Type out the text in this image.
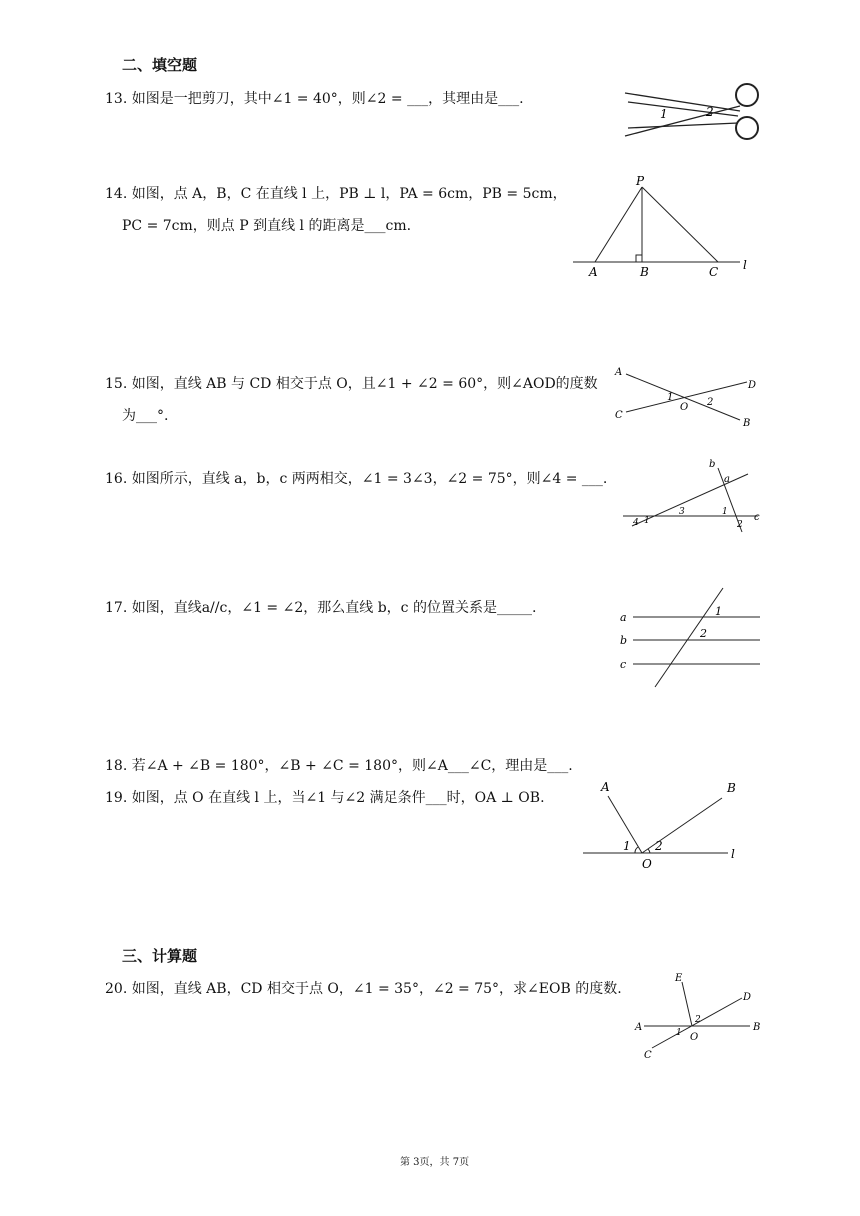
二、填空题
13. 如图是一把剪刀，其中∠1 = 40°，则∠2 = ___，其理由是___.
1	2
14. 如图，点 A，B，C 在直线 l 上，PB ⊥ l，PA = 6cm，PB = 5cm，
PC = 7cm，则点 P 到直线 l 的距离是___cm.
P
A	B	C l
15. 如图，直线 AB 与 CD 相交于点 O，且∠1 + ∠2 = 60°，则∠AOD的度数
为___°.
A
C
D
B
O
1	2
16. 如图所示，直线 a，b，c 两两相交，∠1 = 3∠3，∠2 = 75°，则∠4 = ___.
b
a
c
4 1
3	1
2
17. 如图，直线a//c，∠1 = ∠2，那么直线 b，c 的位置关系是_____.
a
b
c
1
2
18. 若∠A + ∠B = 180°，∠B + ∠C = 180°，则∠A___∠C，理由是___.
19. 如图，点 O 在直线 l 上，当∠1 与∠2 满足条件___时，OA ⊥ OB.
A	B
O
l
1 2
三、计算题
20. 如图，直线 AB，CD 相交于点 O，∠1 = 35°，∠2 = 75°，求∠EOB 的度数.
A	B
C
D
E
O
1
2
第 3页，共 7页
